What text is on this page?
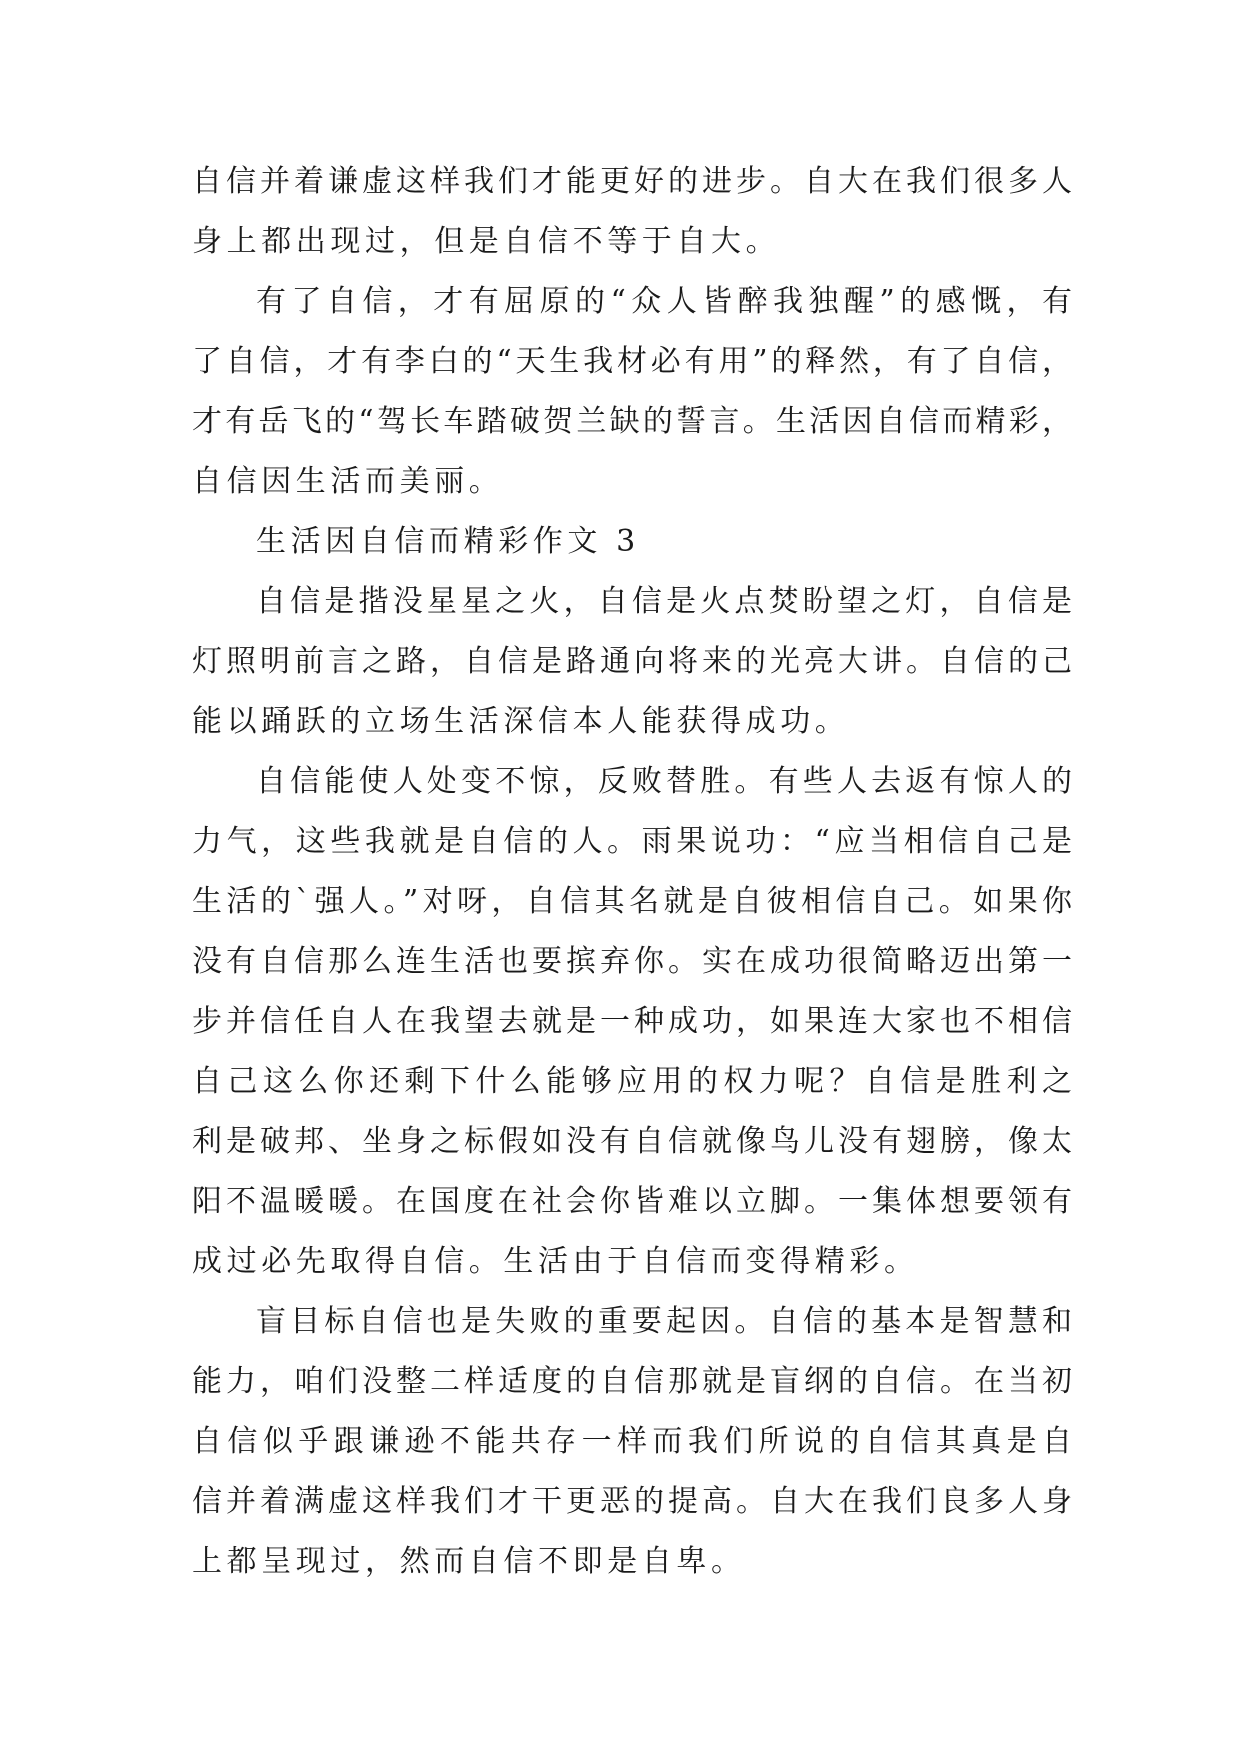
自信并着谦虚这样我们才能更好的进步。自大在我们很多人
身上都出现过，但是自信不等于自大。
有了自信，才有屈原的“众人皆醉我独醒”的感慨，有
了自信，才有李白的“天生我材必有用”的释然，有了自信，
才有岳飞的“驾长车踏破贺兰缺的誓言。生活因自信而精彩，
自信因生活而美丽。
生活因自信而精彩作文 3
自信是揩没星星之火，自信是火点焚盼望之灯，自信是
灯照明前言之路，自信是路通向将来的光亮大讲。自信的己
能以踊跃的立场生活深信本人能获得成功。
自信能使人处变不惊，反败替胜。有些人去返有惊人的
力气，这些我就是自信的人。雨果说功：“应当相信自己是
生活的`强人。”对呀，自信其名就是自彼相信自己。如果你
没有自信那么连生活也要摈弃你。实在成功很简略迈出第一
步并信任自人在我望去就是一种成功，如果连大家也不相信
自己这么你还剩下什么能够应用的权力呢？自信是胜利之
利是破邦、坐身之标假如没有自信就像鸟儿没有翅膀，像太
阳不温暖暖。在国度在社会你皆难以立脚。一集体想要领有
成过必先取得自信。生活由于自信而变得精彩。
盲目标自信也是失败的重要起因。自信的基本是智慧和
能力，咱们没整二样适度的自信那就是盲纲的自信。在当初
自信似乎跟谦逊不能共存一样而我们所说的自信其真是自
信并着满虚这样我们才干更恶的提高。自大在我们良多人身
上都呈现过，然而自信不即是自卑。
